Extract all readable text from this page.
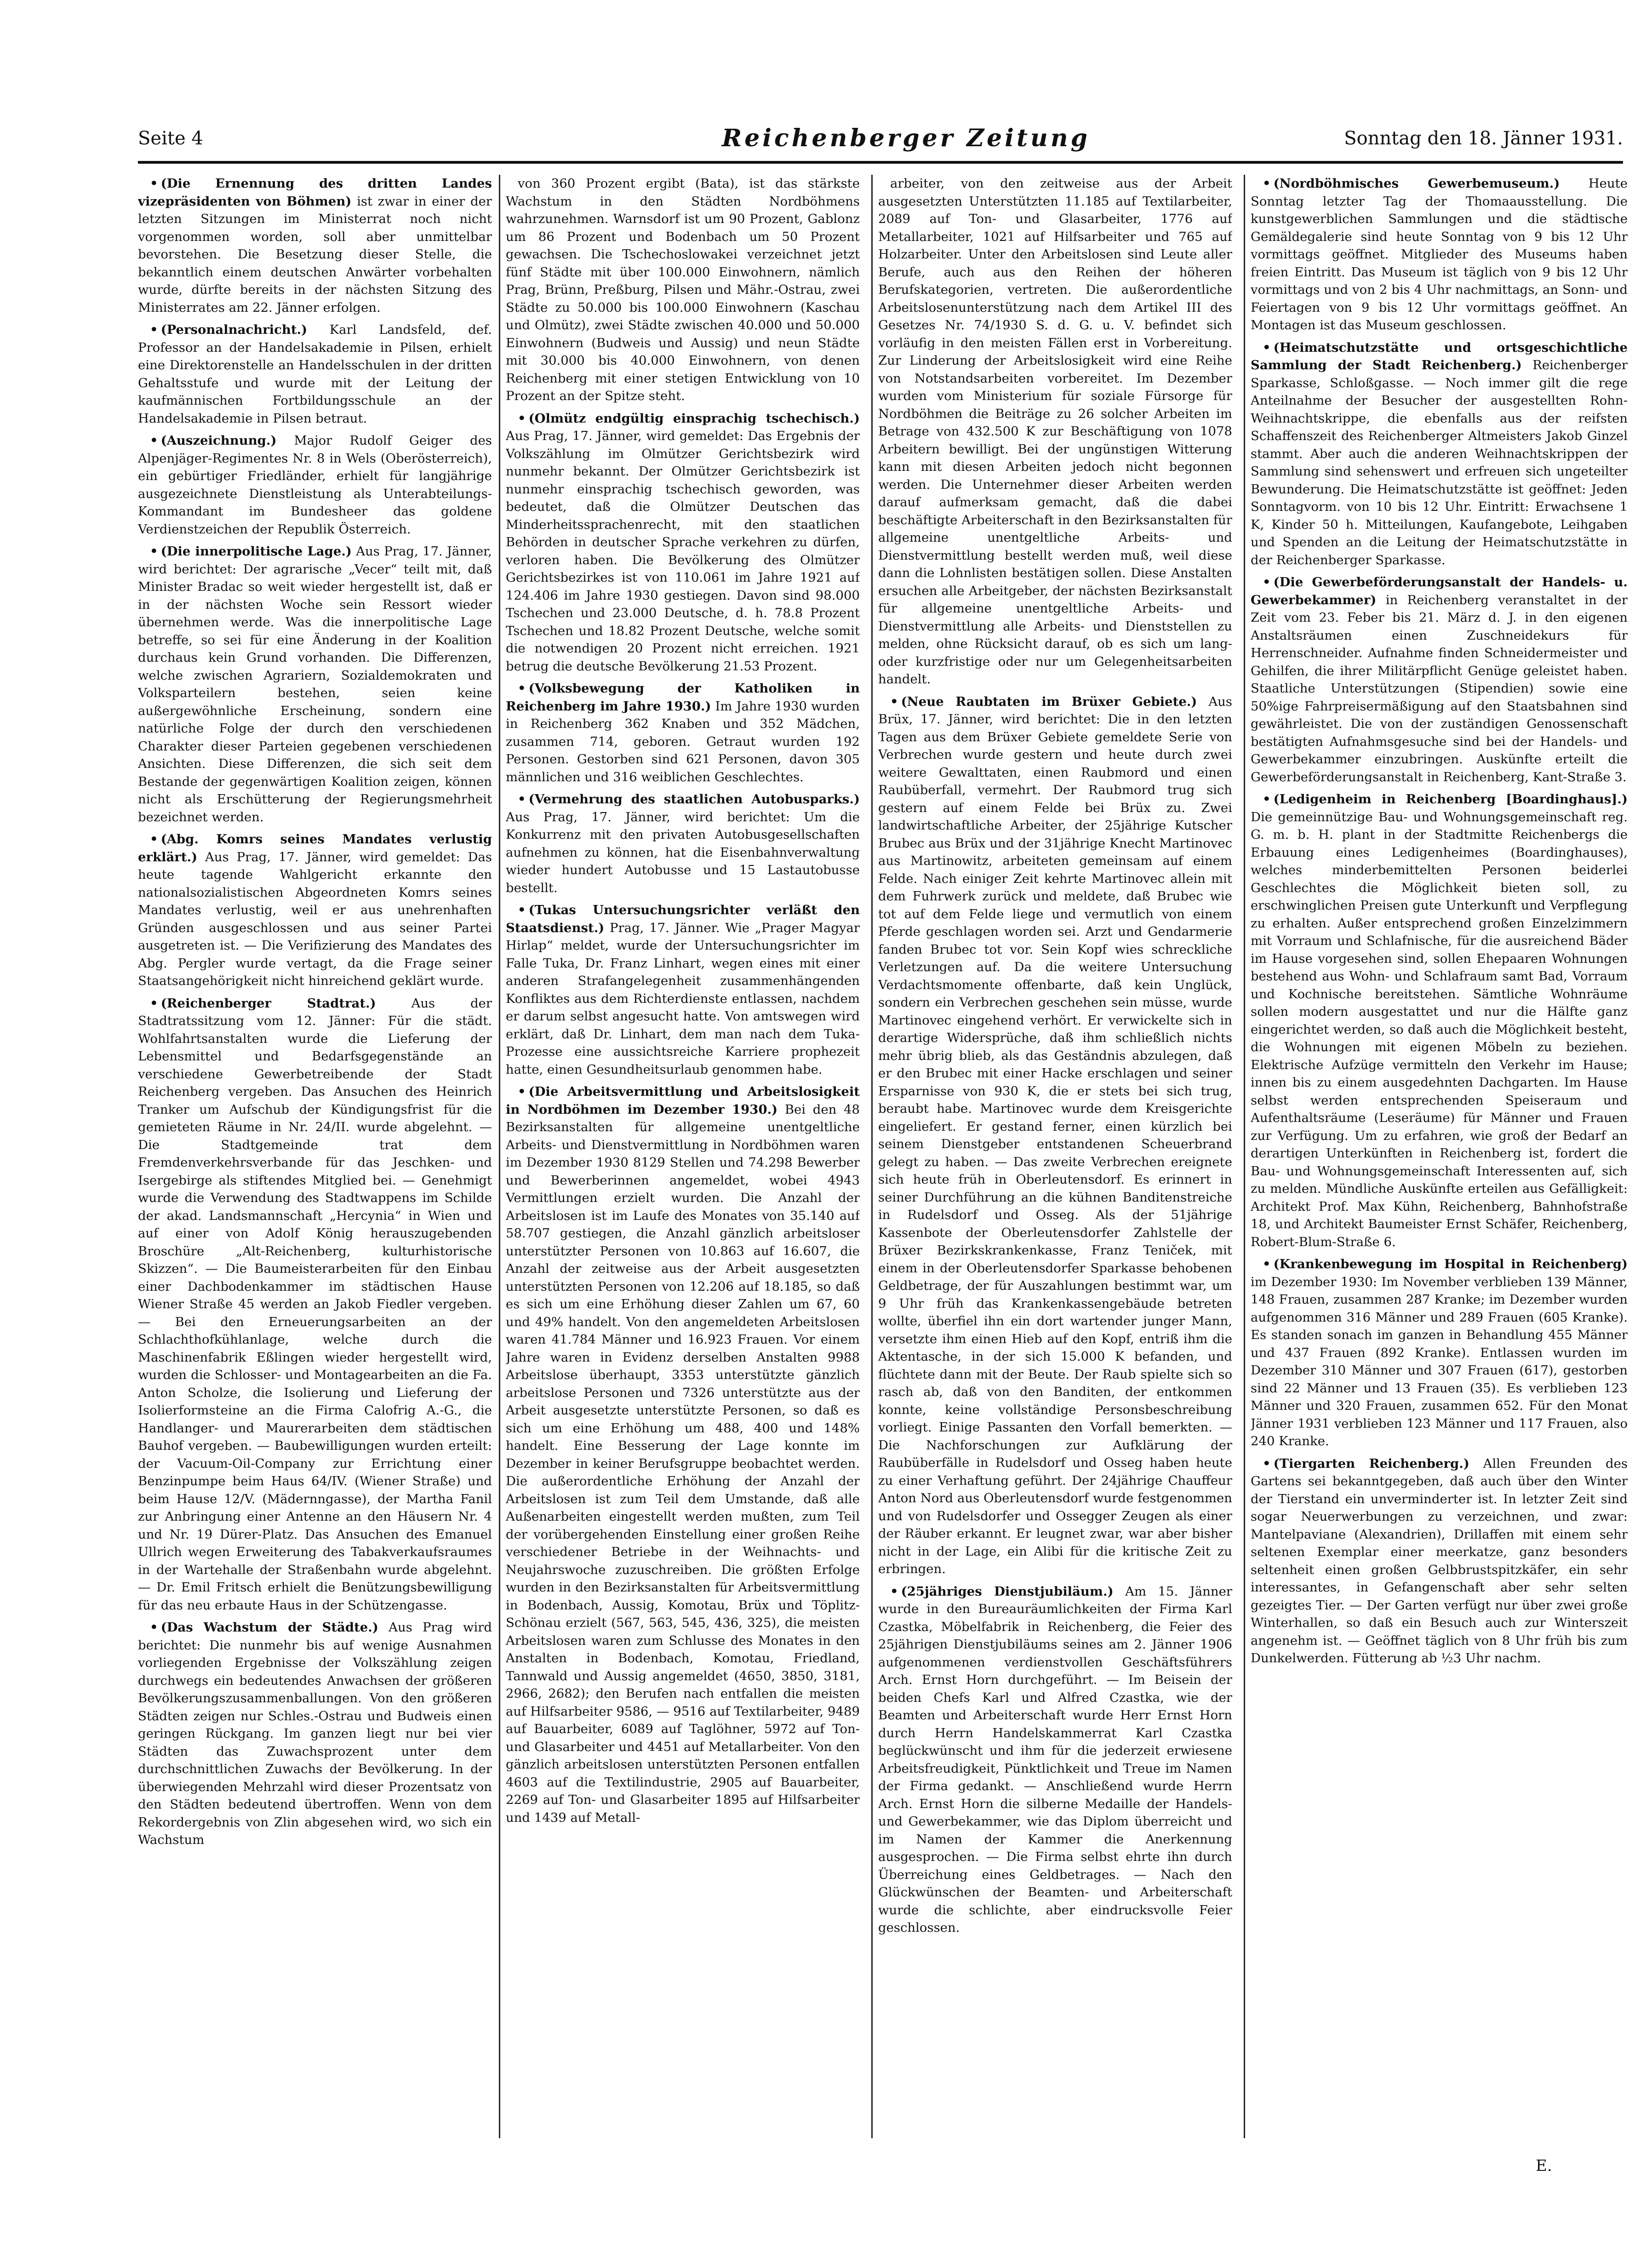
Seite 4	Reichenberger Zeitung	Sonntag den 18. Jänner 1931.

• (Die Ernennung des dritten Landes vizepräsidenten von Böhmen) ist zwar in einer der letzten Sitzungen im Ministerrat noch nicht vorgenommen worden, soll aber unmittelbar bevorstehen. Die Besetzung dieser Stelle, die bekanntlich einem deutschen Anwärter vorbehalten wurde, dürfte bereits in der nächsten Sitzung des Ministerrates am 22. Jänner erfolgen.

• (Personalnachricht.) Karl Landsfeld, def. Professor an der Handelsakademie in Pilsen, erhielt eine Direktorenstelle an Handelsschulen in der dritten Gehaltsstufe und wurde mit der Leitung der kaufmännischen Fortbildungsschule an der Handelsakademie in Pilsen betraut.

• (Auszeichnung.) Major Rudolf Geiger des Alpenjäger-Regimentes Nr. 8 in Wels (Oberösterreich), ein gebürtiger Friedländer, erhielt für langjährige ausgezeichnete Dienstleistung als Unterabteilungs-Kommandant im Bundesheer das goldene Verdienstzeichen der Republik Österreich.

• (Die innerpolitische Lage.) Aus Prag, 17. Jänner, wird berichtet: Der agrarische „Vecer“ teilt mit, daß Minister Bradac so weit wieder hergestellt ist, daß er in der nächsten Woche sein Ressort wieder übernehmen werde. Was die innerpolitische Lage betreffe, so sei für eine Änderung in der Koalition durchaus kein Grund vorhanden. Die Differenzen, welche zwischen Agrariern, Sozialdemokraten und Volksparteilern bestehen, seien keine außergewöhnliche Erscheinung, sondern eine natürliche Folge der durch den verschiedenen Charakter dieser Parteien gegebenen verschiedenen Ansichten. Diese Differenzen, die sich seit dem Bestande der gegenwärtigen Koalition zeigen, können nicht als Erschütterung der Regierungsmehrheit bezeichnet werden.

• (Abg. Komrs seines Mandates verlustig erklärt.) Aus Prag, 17. Jänner, wird gemeldet: Das heute tagende Wahlgericht erkannte den nationalsozialistischen Abgeordneten Komrs seines Mandates verlustig, weil er aus unehrenhaften Gründen ausgeschlossen und aus seiner Partei ausgetreten ist. — Die Verifizierung des Mandates des Abg. Pergler wurde vertagt, da die Frage seiner Staatsangehörigkeit nicht hinreichend geklärt wurde.

• (Reichenberger Stadtrat.)	Aus der Stadtratssitzung vom 12. Jänner: Für die städt. Wohlfahrtsanstalten wurde die Lieferung der Lebensmittel und Bedarfsgegenstände an verschiedene Gewerbetreibende der Stadt Reichenberg vergeben. Das Ansuchen des Heinrich Tranker um Aufschub der Kündigungsfrist für die gemieteten Räume in Nr. 24/II. wurde abgelehnt. — Die Stadtgemeinde trat dem Fremdenverkehrsverbande für das Jeschken- und Isergebirge als stiftendes Mitglied bei. — Genehmigt wurde die Verwendung des Stadtwappens im Schilde der akad. Landsmannschaft „Hercynia“ in Wien und auf einer von Adolf König herauszugebenden Broschüre „Alt-Reichenberg, kulturhistorische Skizzen“. — Die Baumeisterarbeiten für den Einbau einer Dachbodenkammer im städtischen Hause Wiener Straße 45 werden an Jakob Fiedler vergeben. — Bei den Erneuerungsarbeiten an der Schlachthofkühlanlage, welche durch die Maschinenfabrik Eßlingen wieder hergestellt wird, wurden die Schlosser- und Montagearbeiten an die Fa. Anton Scholze, die Isolierung und Lieferung der Isolierformsteine an die Firma Calofrig A.-G., die Handlanger- und Maurerarbeiten dem städtischen Bauhof vergeben. — Baubewilligungen wurden erteilt: der Vacuum-Oil-Company zur Errichtung einer Benzinpumpe beim Haus 64/IV. (Wiener Straße) und beim Hause 12/V. (Mädernngasse), der Martha Fanil zur Anbringung einer Antenne an den Häusern Nr. 4 und Nr. 19 Dürer-Platz. Das Ansuchen des Emanuel Ullrich wegen Erweiterung des Tabakverkaufsraumes in der Wartehalle der Straßenbahn wurde abgelehnt. — Dr. Emil Fritsch erhielt die Benützungsbewilligung für das neu erbaute Haus in der Schützengasse.

• (Das Wachstum der Städte.) Aus Prag wird berichtet: Die nunmehr bis auf wenige Ausnahmen vorliegenden Ergebnisse der Volkszählung zeigen durchwegs ein bedeutendes Anwachsen der größeren Bevölkerungszusammenballungen. Von den größeren Städten zeigen nur Schles.-Ostrau und Budweis einen geringen Rückgang. Im ganzen liegt nur bei vier Städten das Zuwachsprozent unter dem durchschnittlichen Zuwachs der Bevölkerung. In der überwiegenden Mehrzahl wird dieser Prozentsatz von den Städten bedeutend übertroffen. Wenn von dem Rekordergebnis von Zlin abgesehen wird, wo sich ein Wachstum

von 360 Prozent ergibt (Bata), ist das stärkste Wachstum in den Städten Nordböhmens wahrzunehmen. Warnsdorf ist um 90 Prozent, Gablonz um 86 Prozent und Bodenbach um 50 Prozent gewachsen. Die Tschechoslowakei verzeichnet jetzt fünf Städte mit über 100.000 Einwohnern, nämlich Prag, Brünn, Preßburg, Pilsen und Mähr.-Ostrau, zwei Städte zu 50.000 bis 100.000 Einwohnern (Kaschau und Olmütz), zwei Städte zwischen 40.000 und 50.000 Einwohnern (Budweis und Aussig) und neun Städte mit 30.000 bis 40.000 Einwohnern, von denen Reichenberg mit einer stetigen Entwicklung von 10 Prozent an der Spitze steht.

• (Olmütz endgültig einsprachig tschechisch.) Aus Prag, 17. Jänner, wird gemeldet: Das Ergebnis der Volkszählung im Olmützer Gerichtsbezirk wird nunmehr bekannt. Der Olmützer Gerichtsbezirk ist nunmehr einsprachig tschechisch geworden, was bedeutet, daß die Olmützer Deutschen das Minderheitssprachenrecht, mit den staatlichen Behörden in deutscher Sprache verkehren zu dürfen, verloren haben. Die Bevölkerung des Olmützer Gerichtsbezirkes ist von 110.061 im Jahre 1921 auf 124.406 im Jahre 1930 gestiegen. Davon sind 98.000 Tschechen und 23.000 Deutsche, d. h. 78.8 Prozent Tschechen und 18.82 Prozent Deutsche, welche somit die notwendigen 20 Prozent nicht erreichen. 1921 betrug die deutsche Bevölkerung 21.53 Prozent.

• (Volksbewegung der Katholiken in Reichenberg im Jahre 1930.) Im Jahre 1930 wurden in Reichenberg 362 Knaben und 352 Mädchen, zusammen 714, geboren. Getraut wurden 192 Personen. Gestorben sind 621 Personen, davon 305 männlichen und 316 weiblichen Geschlechtes.

• (Vermehrung des staatlichen Autobusparks.) Aus Prag, 17. Jänner, wird berichtet: Um die Konkurrenz mit den privaten Autobusgesellschaften aufnehmen zu können, hat die Eisenbahnverwaltung wieder hundert Autobusse und 15 Lastautobusse bestellt.

• (Tukas Untersuchungsrichter verläßt den Staatsdienst.) Prag, 17. Jänner. Wie „Prager Magyar Hirlap“ meldet, wurde der Untersuchungsrichter im Falle Tuka, Dr. Franz Linhart, wegen eines mit einer anderen Strafangelegenheit zusammenhängenden Konfliktes aus dem Richterdienste entlassen, nachdem er darum selbst angesucht hatte. Von amtswegen wird erklärt, daß Dr. Linhart, dem man nach dem Tuka-Prozesse eine aussichtsreiche Karriere prophezeit hatte, einen Gesundheitsurlaub genommen habe.

• (Die Arbeitsvermittlung und Arbeitslosigkeit in Nordböhmen im Dezember 1930.) Bei den 48 Bezirksanstalten für allgemeine unentgeltliche Arbeits- und Dienstvermittlung in Nordböhmen waren im Dezember 1930 8129 Stellen und 74.298 Bewerber und Bewerberinnen angemeldet, wobei 4943 Vermittlungen erzielt wurden. Die Anzahl der Arbeitslosen ist im Laufe des Monates von 35.140 auf 58.707 gestiegen, die Anzahl gänzlich arbeitsloser unterstützter Personen von 10.863 auf 16.607, die Anzahl der zeitweise aus der Arbeit ausgesetzten unterstützten Personen von 12.206 auf 18.185, so daß es sich um eine Erhöhung dieser Zahlen um 67, 60 und 49% handelt. Von den angemeldeten Arbeitslosen waren 41.784 Männer und 16.923 Frauen. Vor einem Jahre waren in Evidenz derselben Anstalten 9988 Arbeitslose überhaupt, 3353 unterstützte gänzlich arbeitslose Personen und 7326 unterstützte aus der Arbeit ausgesetzte unterstützte Personen, so daß es sich um eine Erhöhung um 488, 400 und 148% handelt. Eine Besserung der Lage konnte im Dezember in keiner Berufsgruppe beobachtet werden. Die außerordentliche Erhöhung der Anzahl der Arbeitslosen ist zum Teil dem Umstande, daß alle Außenarbeiten eingestellt werden mußten, zum Teil der vorübergehenden Einstellung einer großen Reihe verschiedener Betriebe in der Weihnachts- und Neujahrswoche zuzuschreiben. Die größten Erfolge wurden in den Bezirksanstalten für Arbeitsvermittlung in Bodenbach, Aussig, Komotau, Brüx und Töplitz-Schönau erzielt (567, 563, 545, 436, 325), die meisten Arbeitslosen waren zum Schlusse des Monates in den Anstalten in Bodenbach, Komotau, Friedland, Tannwald und Aussig angemeldet (4650, 3850, 3181, 2966, 2682); den Berufen nach entfallen die meisten auf Hilfsarbeiter 9586, — 9516 auf Textilarbeiter, 9489 auf Bauarbeiter, 6089 auf Taglöhner, 5972 auf Ton- und Glasarbeiter und 4451 auf Metallarbeiter. Von den gänzlich arbeitslosen unterstützten Personen entfallen 4603 auf die Textilindustrie, 2905 auf Bauarbeiter, 2269 auf Ton- und Glasarbeiter 1895 auf Hilfsarbeiter und 1439 auf Metall-

arbeiter, von den zeitweise aus der Arbeit ausgesetzten Unterstützten 11.185 auf Textilarbeiter, 2089 auf Ton- und Glasarbeiter, 1776 auf Metallarbeiter, 1021 auf Hilfsarbeiter und 765 auf Holzarbeiter. Unter den Arbeitslosen sind Leute aller Berufe, auch aus den Reihen der höheren Berufskategorien, vertreten. Die außerordentliche Arbeitslosenunterstützung nach dem Artikel III des Gesetzes Nr. 74/1930 S. d. G. u. V. befindet sich vorläufig in den meisten Fällen erst in Vorbereitung. Zur Linderung der Arbeitslosigkeit wird eine Reihe von Notstandsarbeiten vorbereitet. Im Dezember wurden vom Ministerium für soziale Fürsorge für Nordböhmen die Beiträge zu 26 solcher Arbeiten im Betrage von 432.500 K zur Beschäftigung von 1078 Arbeitern bewilligt. Bei der ungünstigen Witterung kann mit diesen Arbeiten jedoch nicht begonnen werden. Die Unternehmer dieser Arbeiten werden darauf aufmerksam gemacht, daß die dabei beschäftigte Arbeiterschaft in den Bezirksanstalten für allgemeine unentgeltliche Arbeits- und Dienstvermittlung bestellt werden muß, weil diese dann die Lohnlisten bestätigen sollen. Diese Anstalten ersuchen alle Arbeitgeber, der nächsten Bezirksanstalt für allgemeine unentgeltliche Arbeits- und Dienstvermittlung alle Arbeits- und Dienststellen zu melden, ohne Rücksicht darauf, ob es sich um lang- oder kurzfristige oder nur um Gelegenheitsarbeiten handelt.

• (Neue Raubtaten im Brüxer Gebiete.) Aus Brüx, 17. Jänner, wird berichtet: Die in den letzten Tagen aus dem Brüxer Gebiete gemeldete Serie von Verbrechen wurde gestern und heute durch zwei weitere Gewalttaten, einen Raubmord und einen Raubüberfall, vermehrt. Der Raubmord trug sich gestern auf einem Felde bei Brüx zu. Zwei landwirtschaftliche Arbeiter, der 25jährige Kutscher Brubec aus Brüx und der 31jährige Knecht Martinovec aus Martinowitz, arbeiteten gemeinsam auf einem Felde. Nach einiger Zeit kehrte Martinovec allein mit dem Fuhrwerk zurück und meldete, daß Brubec wie tot auf dem Felde liege und vermutlich von einem Pferde geschlagen worden sei. Arzt und Gendarmerie fanden Brubec tot vor. Sein Kopf wies schreckliche Verletzungen auf. Da die weitere Untersuchung Verdachtsmomente offenbarte, daß kein Unglück, sondern ein Verbrechen geschehen sein müsse, wurde Martinovec eingehend verhört. Er verwickelte sich in derartige Widersprüche, daß ihm schließlich nichts mehr übrig blieb, als das Geständnis abzulegen, daß er den Brubec mit einer Hacke erschlagen und seiner Ersparnisse von 930 K, die er stets bei sich trug, beraubt habe. Martinovec wurde dem Kreisgerichte eingeliefert. Er gestand ferner, einen kürzlich bei seinem Dienstgeber entstandenen Scheuerbrand gelegt zu haben. — Das zweite Verbrechen ereignete sich heute früh in Oberleutensdorf. Es erinnert in seiner Durchführung an die kühnen Banditenstreiche in Rudelsdorf und Osseg. Als der 51jährige Kassenbote der Oberleutensdorfer Zahlstelle der Brüxer Bezirkskrankenkasse, Franz Teniček, mit einem in der Oberleutensdorfer Sparkasse behobenen Geldbetrage, der für Auszahlungen bestimmt war, um 9 Uhr früh das Krankenkassengebäude betreten wollte, überfiel ihn ein dort wartender junger Mann, versetzte ihm einen Hieb auf den Kopf, entriß ihm die Aktentasche, in der sich 15.000 K befanden, und flüchtete dann mit der Beute. Der Raub spielte sich so rasch ab, daß von den Banditen, der entkommen konnte, keine vollständige Personsbeschreibung vorliegt. Einige Passanten den Vorfall bemerkten. — Die Nachforschungen zur Aufklärung der Raubüberfälle in Rudelsdorf und Osseg haben heute zu einer Verhaftung geführt. Der 24jährige Chauffeur Anton Nord aus Oberleutensdorf wurde festgenommen und von Rudelsdorfer und Ossegger Zeugen als einer der Räuber erkannt. Er leugnet zwar, war aber bisher nicht in der Lage, ein Alibi für die kritische Zeit zu erbringen.

• (25jähriges Dienstjubiläum.) Am 15. Jänner wurde in den Bureauräumlichkeiten der Firma Karl Czastka, Möbelfabrik in Reichenberg, die Feier des 25jährigen Dienstjubiläums seines am 2. Jänner 1906 aufgenommenen verdienstvollen Geschäftsführers Arch. Ernst Horn durchgeführt. — Im Beisein der beiden Chefs Karl und Alfred Czastka, wie der Beamten und Arbeiterschaft wurde Herr Ernst Horn durch Herrn Handelskammerrat Karl Czastka beglückwünscht und ihm für die jederzeit erwiesene Arbeitsfreudigkeit, Pünktlichkeit und Treue im Namen der Firma gedankt. — Anschließend wurde Herrn Arch. Ernst Horn die silberne Medaille der Handels- und Gewerbekammer, wie das Diplom überreicht und im Namen der Kammer die Anerkennung ausgesprochen. — Die Firma selbst ehrte ihn durch Überreichung eines Geldbetrages. — Nach den Glückwünschen der Beamten- und Arbeiterschaft wurde die schlichte, aber eindrucksvolle Feier geschlossen.

• (Nordböhmisches Gewerbemuseum.) Heute Sonntag letzter Tag der Thomaausstellung. Die kunstgewerblichen Sammlungen und die städtische Gemäldegalerie sind heute Sonntag von 9 bis 12 Uhr vormittags geöffnet. Mitglieder des Museums haben freien Eintritt. Das Museum ist täglich von 9 bis 12 Uhr vormittags und von 2 bis 4 Uhr nachmittags, an Sonn- und Feiertagen von 9 bis 12 Uhr vormittags geöffnet. An Montagen ist das Museum geschlossen.

• (Heimatschutzstätte und ortsgeschichtliche Sammlung der Stadt Reichenberg.) Reichenberger Sparkasse, Schloßgasse. — Noch immer gilt die rege Anteilnahme der Besucher der ausgestellten Rohn-Weihnachtskrippe, die ebenfalls aus der reifsten Schaffenszeit des Reichenberger Altmeisters Jakob Ginzel stammt. Aber auch die anderen Weihnachtskrippen der Sammlung sind sehenswert und erfreuen sich ungeteilter Bewunderung. Die Heimatschutzstätte ist geöffnet: Jeden Sonntagvorm. von 10 bis 12 Uhr. Eintritt: Erwachsene 1 K, Kinder 50 h. Mitteilungen, Kaufangebote, Leihgaben und Spenden an die Leitung der Heimatschutzstätte in der Reichenberger Sparkasse.

• (Die Gewerbeförderungsanstalt der Handels- u. Gewerbekammer) in Reichenberg veranstaltet in der Zeit vom 23. Feber bis 21. März d. J. in den eigenen Anstaltsräumen einen Zuschneidekurs für Herrenschneider. Aufnahme finden Schneidermeister und Gehilfen, die ihrer Militärpflicht Genüge geleistet haben. Staatliche Unterstützungen (Stipendien) sowie eine 50%ige Fahrpreisermäßigung auf den Staatsbahnen sind gewährleistet. Die von der zuständigen Genossenschaft bestätigten Aufnahmsgesuche sind bei der Handels- und Gewerbekammer einzubringen. Auskünfte erteilt die Gewerbeförderungsanstalt in Reichenberg, Kant-Straße 3.

• (Ledigenheim in Reichenberg [Boardinghaus].) Die gemeinnützige Bau- und Wohnungsgemeinschaft reg. G. m. b. H. plant in der Stadtmitte Reichenbergs die Erbauung eines Ledigenheimes (Boardinghauses), welches minderbemittelten Personen beiderlei Geschlechtes die Möglichkeit bieten soll, zu erschwinglichen Preisen gute Unterkunft und Verpflegung zu erhalten. Außer entsprechend großen Einzelzimmern mit Vorraum und Schlafnische, für die ausreichend Bäder im Hause vorgesehen sind, sollen Ehepaaren Wohnungen bestehend aus Wohn- und Schlafraum samt Bad, Vorraum und Kochnische bereitstehen. Sämtliche Wohnräume sollen modern ausgestattet und nur die Hälfte ganz eingerichtet werden, so daß auch die Möglichkeit besteht, die Wohnungen mit eigenen Möbeln zu beziehen. Elektrische Aufzüge vermitteln den Verkehr im Hause; innen bis zu einem ausgedehnten Dachgarten. Im Hause selbst werden entsprechenden Speiseraum und Aufenthaltsräume (Leseräume) für Männer und Frauen zur Verfügung. Um zu erfahren, wie groß der Bedarf an derartigen Unterkünften in Reichenberg ist, fordert die Bau- und Wohnungsgemeinschaft Interessenten auf, sich zu melden. Mündliche Auskünfte erteilen aus Gefälligkeit: Architekt Prof. Max Kühn, Reichenberg, Bahnhofstraße 18, und Architekt Baumeister Ernst Schäfer, Reichenberg, Robert-Blum-Straße 6.

• (Krankenbewegung im Hospital in Reichenberg) im Dezember 1930: Im November verblieben 139 Männer, 148 Frauen, zusammen 287 Kranke; im Dezember wurden aufgenommen 316 Männer und 289 Frauen (605 Kranke). Es standen sonach im ganzen in Behandlung 455 Männer und 437 Frauen (892 Kranke). Entlassen wurden im Dezember 310 Männer und 307 Frauen (617), gestorben sind 22 Männer und 13 Frauen (35). Es verblieben 123 Männer und 320 Frauen, zusammen 652. Für den Monat Jänner 1931 verblieben 123 Männer und 117 Frauen, also 240 Kranke.

• (Tiergarten Reichenberg.) Allen Freunden des Gartens sei bekanntgegeben, daß auch über den Winter der Tierstand ein unverminderter ist. In letzter Zeit sind sogar Neuerwerbungen zu verzeichnen, und zwar: Mantelpaviane (Alexandrien), Drillaffen mit einem sehr seltenen Exemplar einer meerkatze, ganz besonders seltenheit einen großen Gelbbrustspitzkäfer, ein sehr interessantes, in Gefangenschaft aber sehr selten gezeigtes Tier. — Der Garten verfügt nur über zwei große Winterhallen, so daß ein Besuch auch zur Winterszeit angenehm ist. — Geöffnet täglich von 8 Uhr früh bis zum Dunkelwerden. Fütterung ab ½3 Uhr nachm.

E.
